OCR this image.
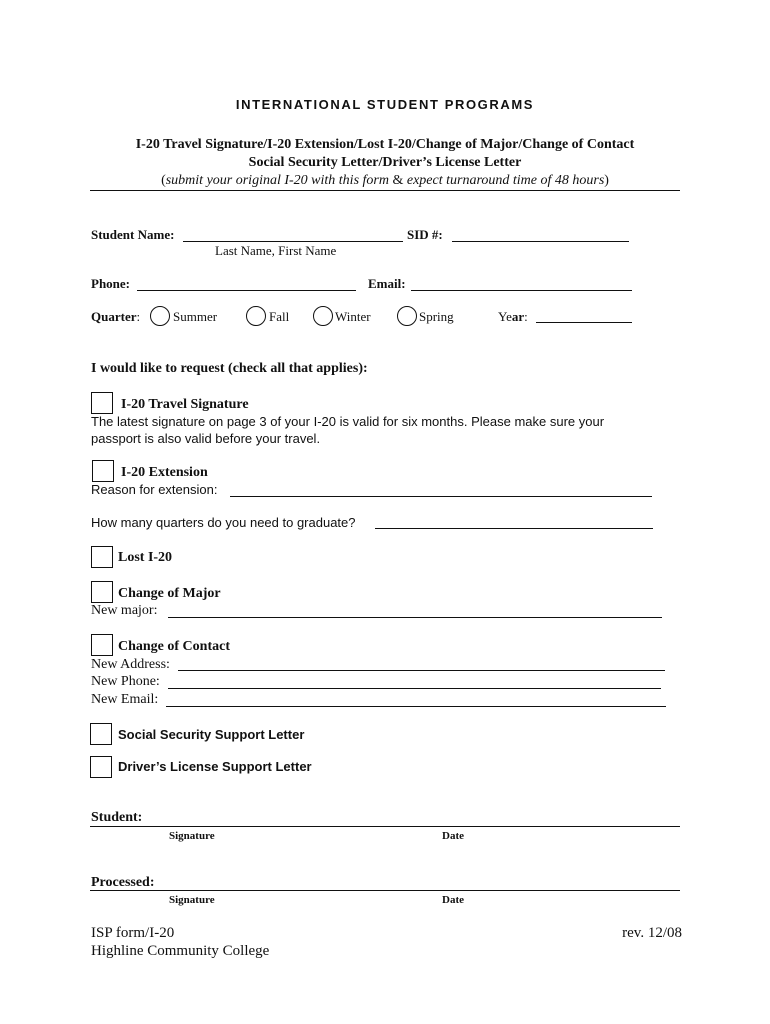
INTERNATIONAL STUDENT PROGRAMS
I-20 Travel Signature/I-20 Extension/Lost I-20/Change of Major/Change of Contact
Social Security Letter/Driver’s License Letter
(submit your original I-20 with this form & expect turnaround time of 48 hours)
Student Name:
Last Name, First Name
SID #:
Phone:	Email:
Quarter:	Summer	Fall	Winter	Spring	Year:
I would like to request (check all that applies):
I-20 Travel Signature
The latest signature on page 3 of your I-20 is valid for six months. Please make sure your
passport is also valid before your travel.
I-20 Extension
Reason for extension:
How many quarters do you need to graduate?
Lost I-20
Change of Major
New major:
Change of Contact
New Address:
New Phone:
New Email:
Social Security Support Letter
Driver’s License Support Letter
Student:
Signature	Date
Processed:
Signature	Date
ISP form/I-20
Highline Community College
rev. 12/08
